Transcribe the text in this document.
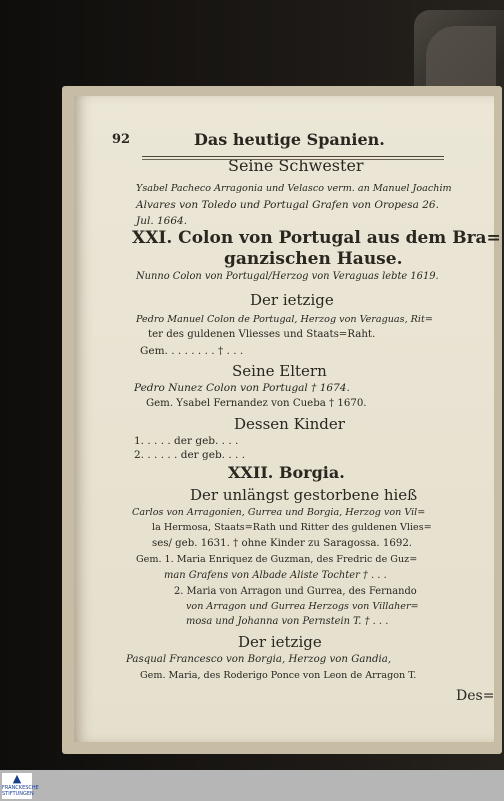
92	Das heutige Spanien.
Seine Schwester
Ysabel Pacheco Arragonia und Velasco verm. an Manuel Joachim
Alvares von Toledo und Portugal Grafen von Oropesa 26.
Jul. 1664.
XXI. Colon von Portugal aus dem Bra=
ganzischen Hause.
Nunno Colon von Portugal/Herzog von Veraguas lebte 1619.
Der ietzige
Pedro Manuel Colon de Portugal, Herzog von Veraguas, Rit=
ter des guldenen Vliesses und Staats=Raht.
Gem. . . . . . . . † . . .
Seine Eltern
Pedro Nunez Colon von Portugal † 1674.
Gem. Ysabel Fernandez von Cueba † 1670.
Dessen Kinder
1. . . . . der geb. . . .
2. . . . . . der geb. . . .
XXII. Borgia.
Der unlängst gestorbene hieß
Carlos von Arragonien, Gurrea und Borgia, Herzog von Vil=
la Hermosa, Staats=Rath und Ritter des guldenen Vlies=
ses/ geb. 1631. † ohne Kinder zu Saragossa. 1692.
Gem. 1. Maria Enriquez de Guzman, des Fredric de Guz=
man Grafens von Albade Aliste Tochter † . . .
2. Maria von Arragon und Gurrea, des Fernando
von Arragon und Gurrea Herzogs von Villaher=
mosa und Johanna von Pernstein T. † . . .
Der ietzige
Pasqual Francesco von Borgia, Herzog von Gandia,
Gem. Maria, des Roderigo Ponce von Leon de Arragon T.
Des=
▲
FRANCKESCHE
STIFTUNGEN
